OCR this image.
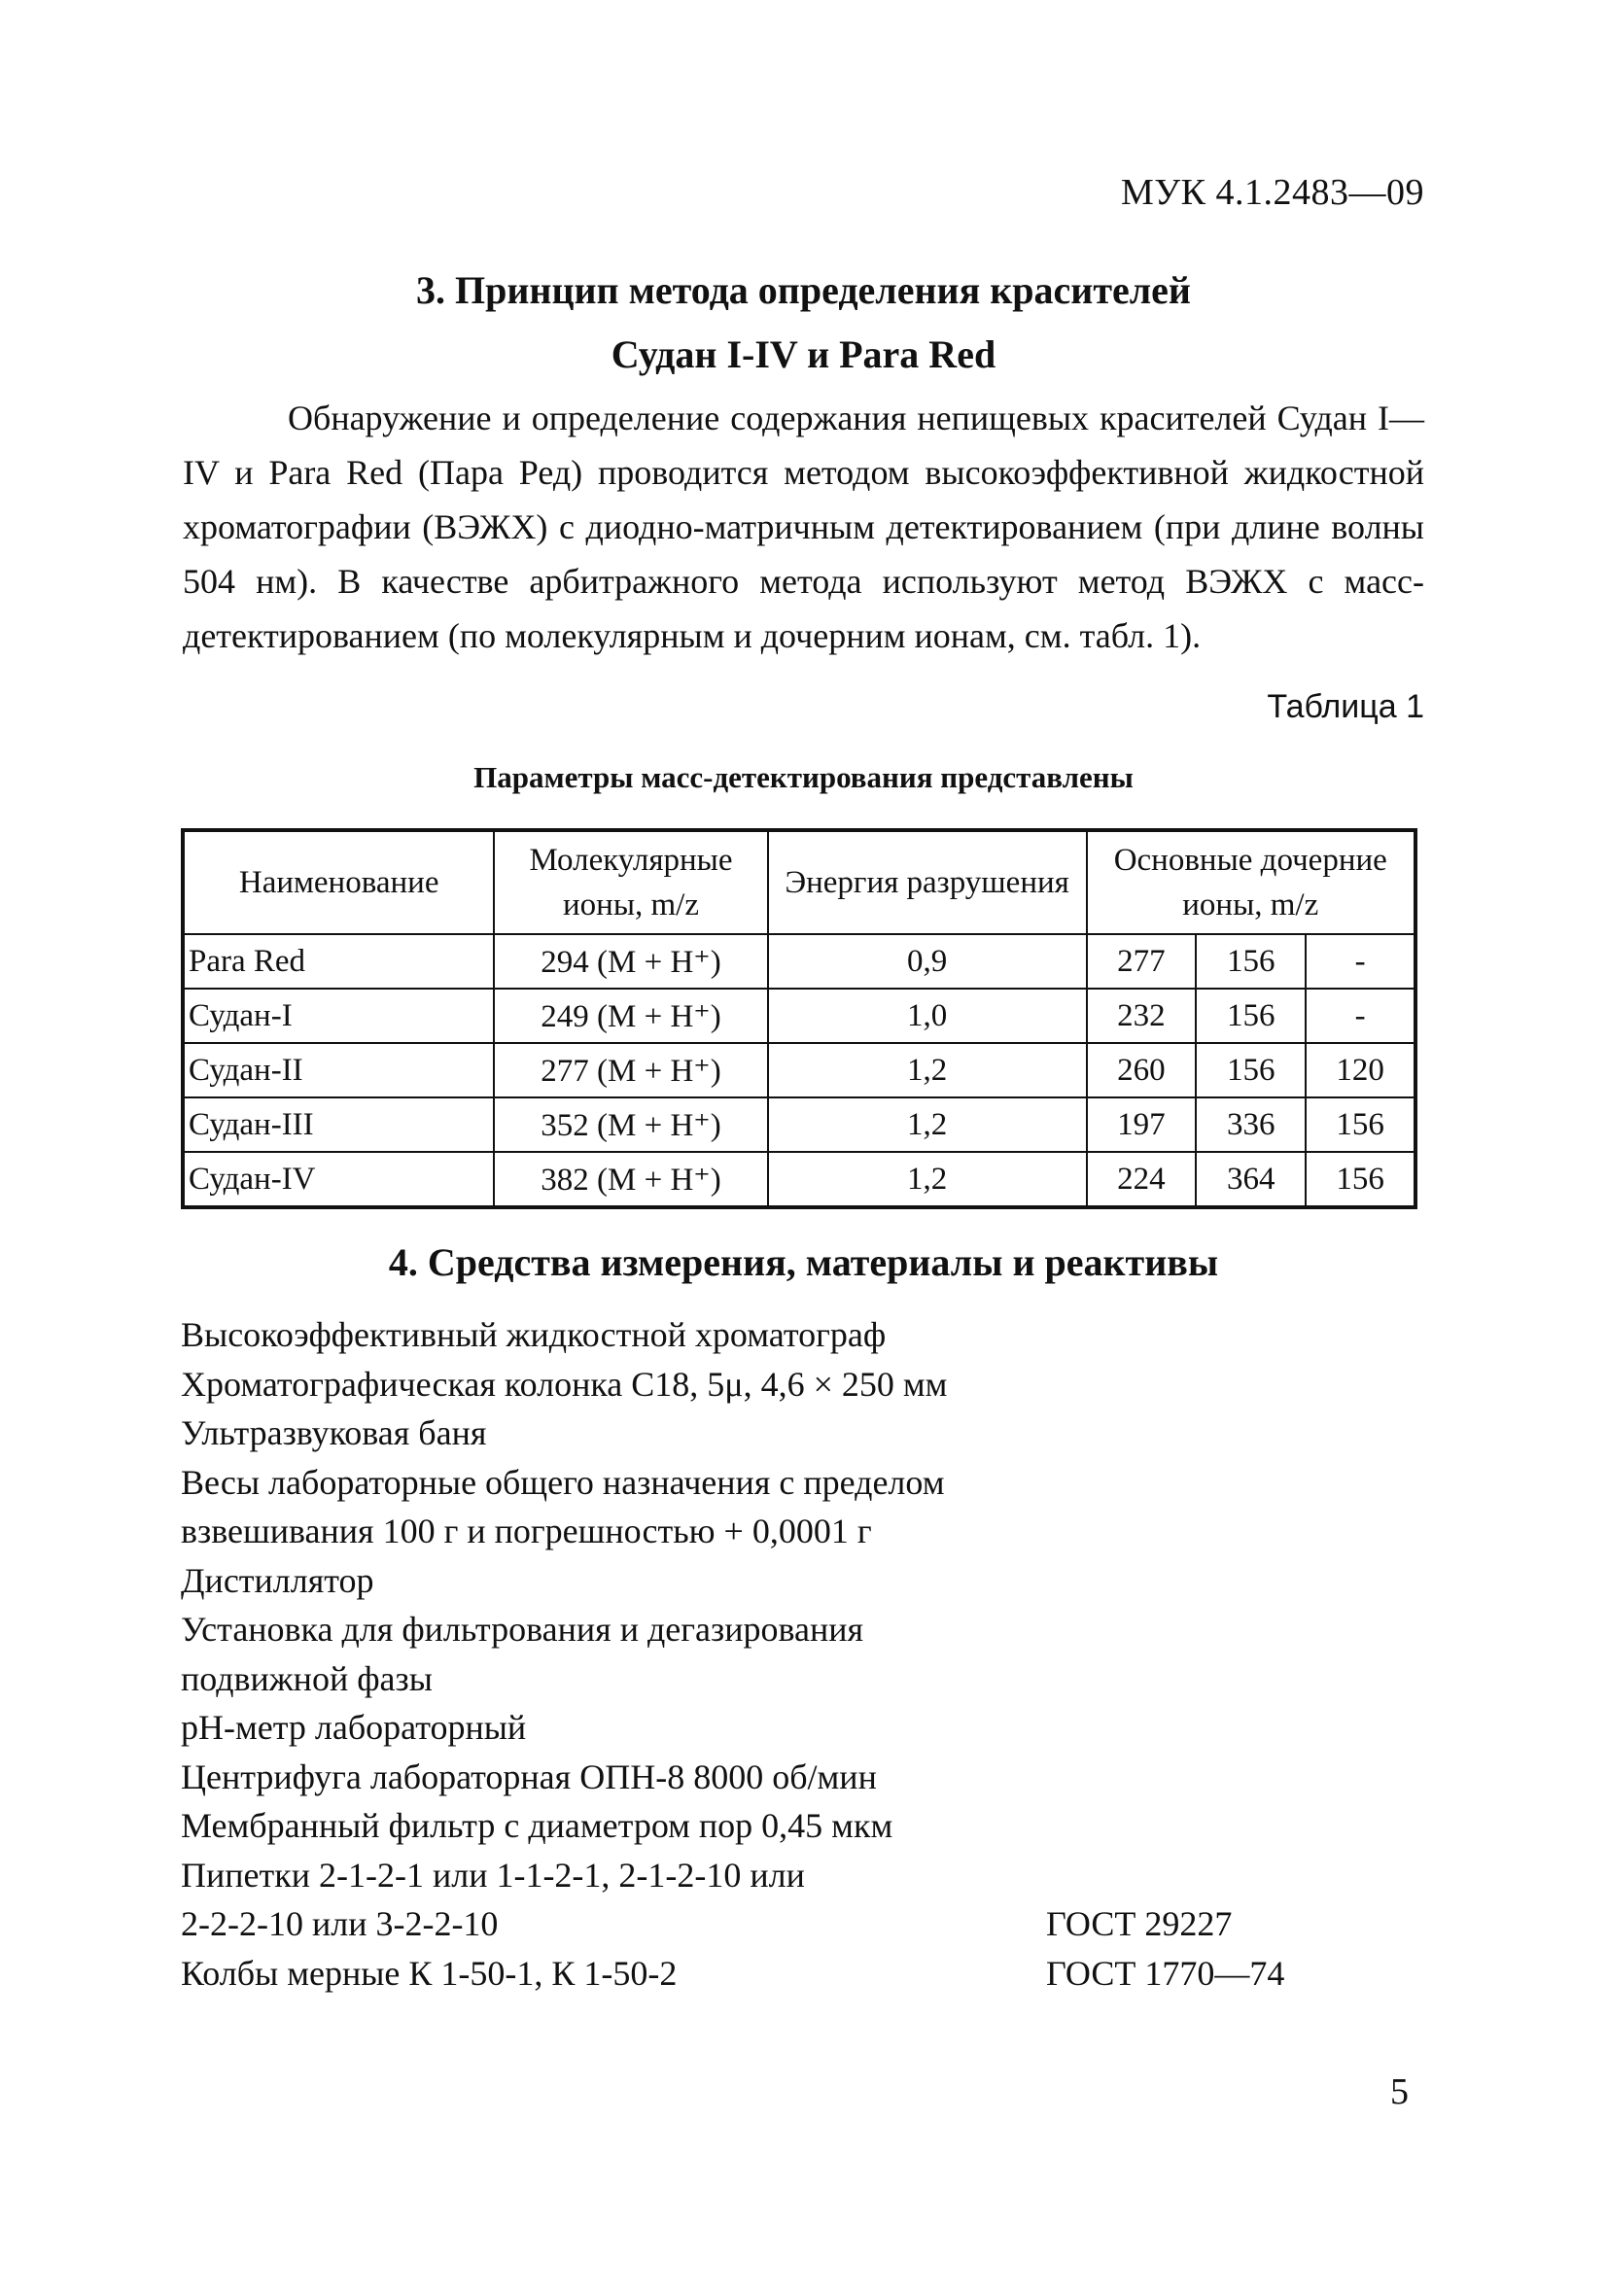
МУК 4.1.2483—09
3. Принцип метода определения красителей
Судан I-IV и Para Red
Обнаружение и определение содержания непищевых красителей Судан I—IV и Para Red (Пара Ред) проводится методом высокоэффективной жидкостной хроматографии (ВЭЖХ) с диодно-матричным детектированием (при длине волны 504 нм). В качестве арбитражного метода используют метод ВЭЖХ с масс-детектированием (по молекулярным и дочерним ионам, см. табл. 1).
Таблица 1
Параметры масс-детектирования представлены
Наименование	Молекулярные ионы, m/z	Энергия разрушения	Основные дочерние ионы, m/z		
Para Red	294 (M + H⁺)	0,9	277	156	-
Судан-I	249 (M + H⁺)	1,0	232	156	-
Судан-II	277 (M + H⁺)	1,2	260	156	120
Судан-III	352 (M + H⁺)	1,2	197	336	156
Судан-IV	382 (M + H⁺)	1,2	224	364	156
4. Средства измерения, материалы и реактивы
Высокоэффективный жидкостной хроматограф
Хроматографическая колонка С18, 5μ, 4,6 × 250 мм
Ультразвуковая баня
Весы лабораторные общего назначения с пределом
взвешивания 100 г и погрешностью + 0,0001 г
Дистиллятор
Установка для фильтрования и дегазирования
подвижной фазы
pH-метр лабораторный
Центрифуга лабораторная ОПН-8 8000 об/мин
Мембранный фильтр с диаметром пор 0,45 мкм
Пипетки 2-1-2-1 или 1-1-2-1, 2-1-2-10 или
2-2-2-10 или 3-2-2-10	ГОСТ 29227
Колбы мерные К 1-50-1, К 1-50-2	ГОСТ 1770—74
5
